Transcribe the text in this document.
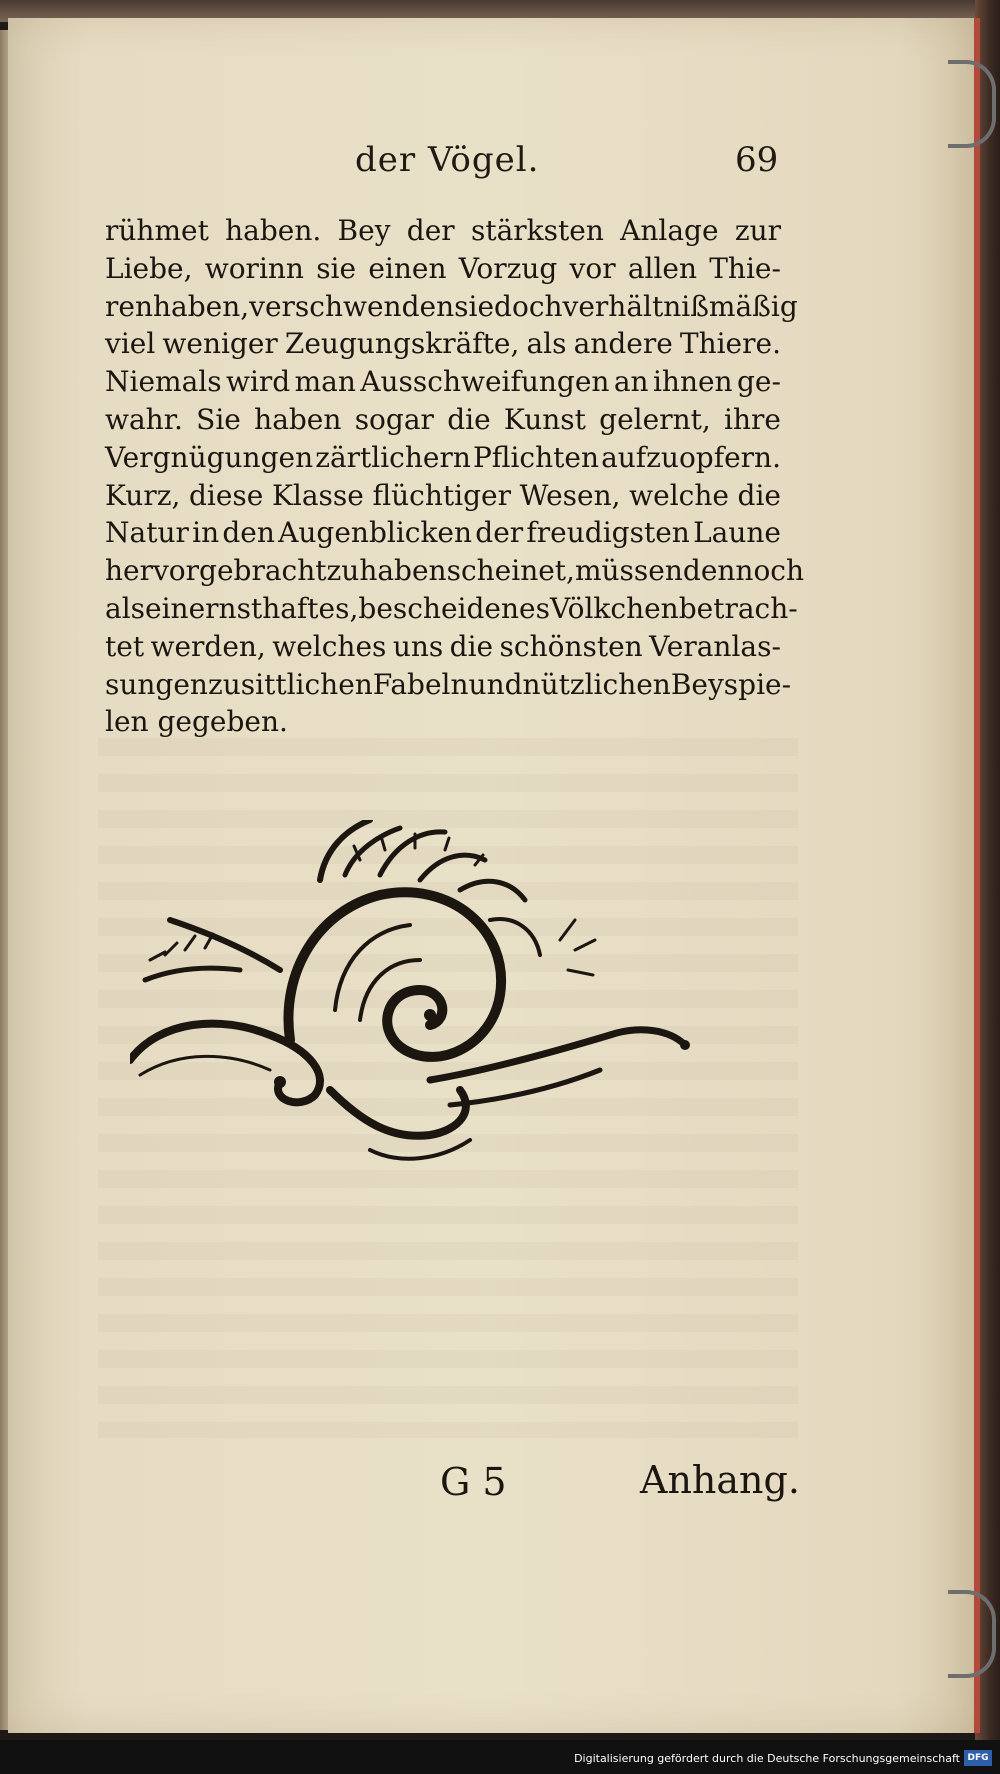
der Vögel.	69
rühmet haben. Bey der stärksten Anlage zur
Liebe, worinn sie einen Vorzug vor allen Thie-
ren haben, verschwenden sie doch verhältnißmäßig
viel weniger Zeugungskräfte, als andere Thiere.
Niemals wird man Ausschweifungen an ihnen ge-
wahr. Sie haben sogar die Kunst gelernt, ihre
Vergnügungen zärtlichern Pflichten aufzuopfern.
Kurz, diese Klasse flüchtiger Wesen, welche die
Natur in den Augenblicken der freudigsten Laune
hervorgebracht zu haben scheinet, müssen dennoch
als ein ernsthaftes, bescheidenes Völkchen betrach-
tet werden, welches uns die schönsten Veranlas-
sungen zu sittlichen Fabeln und nützlichen Beyspie-
len gegeben.
G 5	Anhang.
Digitalisierung gefördert durch die Deutsche Forschungsgemeinschaft DFG
